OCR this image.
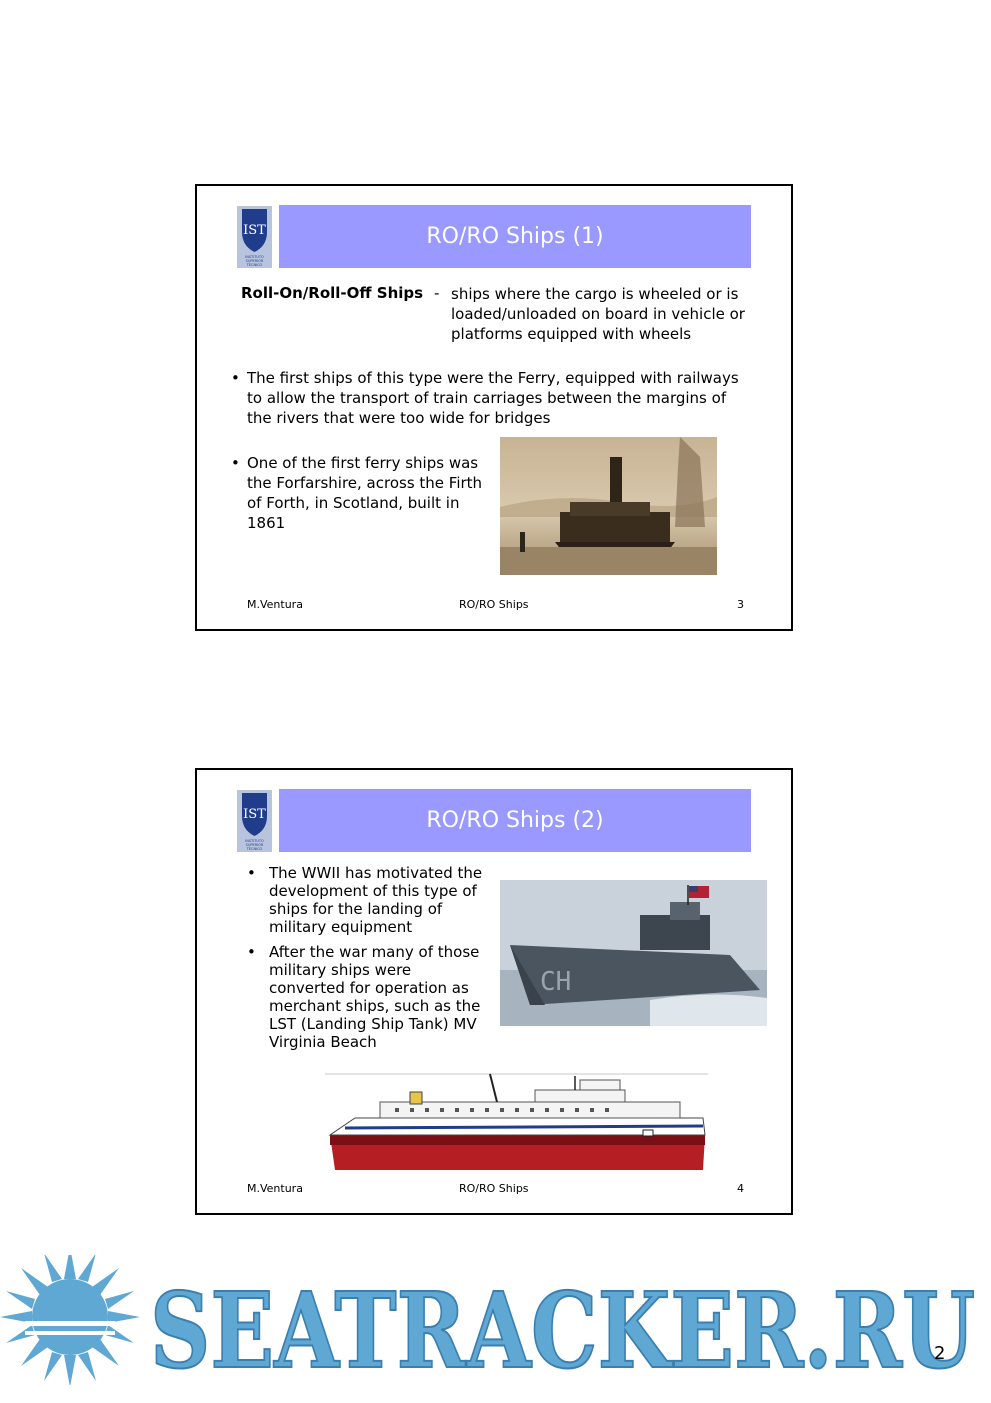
IST
INSTITUTO
SUPERIOR
TÉCNICO
RO/RO Ships (1)
Roll-On/Roll-Off Ships - ships where the cargo is wheeled or is loaded/unloaded on board in vehicle or platforms equipped with wheels
• The first ships of this type were the Ferry, equipped with railways to allow the transport of train carriages between the margins of the rivers that were too wide for bridges
• One of the first ferry ships was the Forfarshire, across the Firth of Forth, in Scotland, built in 1861
M.Ventura	RO/RO Ships	3
IST
INSTITUTO
SUPERIOR
TÉCNICO
RO/RO Ships (2)
• The WWII has motivated the development of this type of ships for the landing of military equipment
• After the war many of those military ships were converted for operation as merchant ships, such as the LST (Landing Ship Tank) MV Virginia Beach
CH
M.Ventura	RO/RO Ships	4
SEATRACKER.RU
2
